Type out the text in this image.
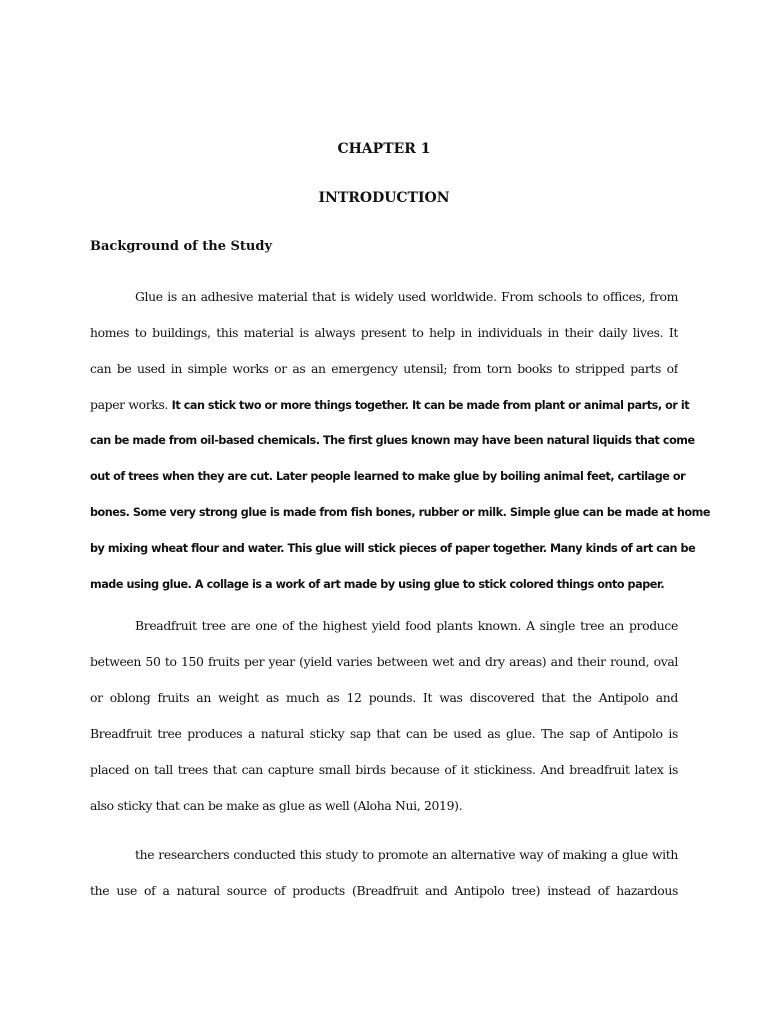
CHAPTER 1
INTRODUCTION
Background of the Study
Glue is an adhesive material that is widely used worldwide. From schools to offices, from
homes to buildings, this material is always present to help in individuals in their daily lives. It
can be used in simple works or as an emergency utensil; from torn books to stripped parts of
paper works. It can stick two or more things together. It can be made from plant or animal parts, or it
can be made from oil-based chemicals. The first glues known may have been natural liquids that come
out of trees when they are cut. Later people learned to make glue by boiling animal feet, cartilage or
bones. Some very strong glue is made from fish bones, rubber or milk. Simple glue can be made at home
by mixing wheat flour and water. This glue will stick pieces of paper together. Many kinds of art can be
made using glue. A collage is a work of art made by using glue to stick colored things onto paper.
Breadfruit tree are one of the highest yield food plants known. A single tree an produce
between 50 to 150 fruits per year (yield varies between wet and dry areas) and their round, oval
or oblong fruits an weight as much as 12 pounds. It was discovered that the Antipolo and
Breadfruit tree produces a natural sticky sap that can be used as glue. The sap of Antipolo is
placed on tall trees that can capture small birds because of it stickiness. And breadfruit latex is
also sticky that can be make as glue as well (Aloha Nui, 2019).
the researchers conducted this study to promote an alternative way of making a glue with
the use of a natural source of products (Breadfruit and Antipolo tree) instead of hazardous
